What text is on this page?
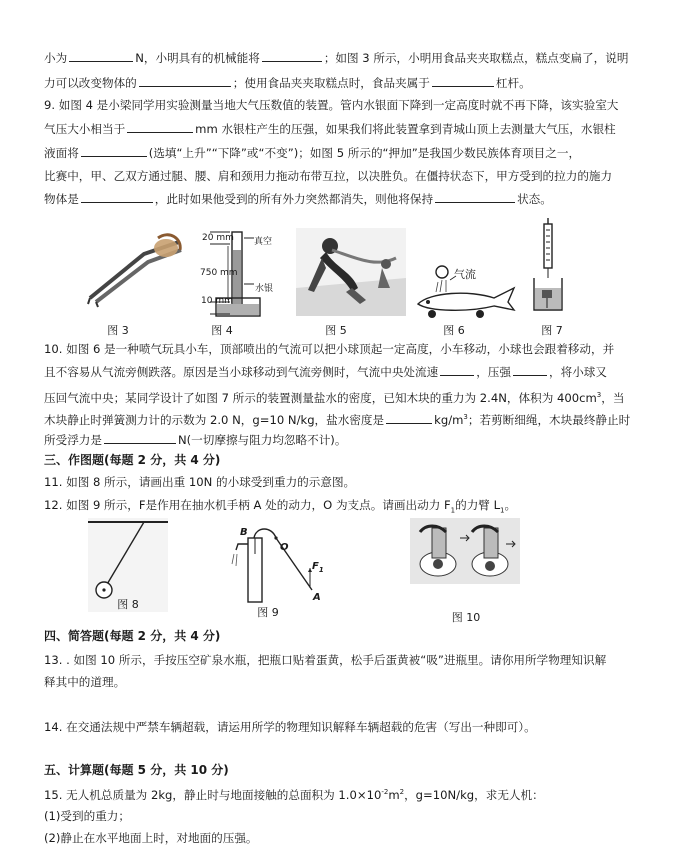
小为	N，小明具有的机械能将	；如图 3 所示，小明用食品夹夹取糕点，糕点变扁了，说明
力可以改变物体的	；使用食品夹夹取糕点时，食品夹属于	杠杆。
9. 如图 4 是小梁同学用实验测量当地大气压数值的装置。管内水银面下降到一定高度时就不再下降，该实验室大
气压大小相当于	mm 水银柱产生的压强，如果我们将此装置拿到青城山顶上去测量大气压，水银柱
液面将	(选填“上升”“下降”或“不变”)；如图 5 所示的“押加”是我国少数民族体育项目之一，
比赛中，甲、乙双方通过腿、腰、肩和颈用力拖动布带互拉，以决胜负。在僵持状态下，甲方受到的拉力的施力
物体是	，此时如果他受到的所有外力突然都消失，则他将保持	状态。
图 3
20 mm 真空
750 mm
水银
10 mm
图 4	图 5
气流
图 6	图 7
10. 如图 6 是一种喷气玩具小车，顶部喷出的气流可以把小球顶起一定高度，小车移动，小球也会跟着移动，并
且不容易从气流旁侧跌落。原因是当小球移动到气流旁侧时，气流中央处流速	，压强	，将小球又
压回气流中央；某同学设计了如图 7 所示的装置测量盐水的密度，已知木块的重力为 2.4N，体积为 $400cm^3$，当
木块静止时弹簧测力计的示数为 2.0 N，g=10 N/kg，盐水密度是	$kg/m^3$；若剪断细绳，木块最终静止时
所受浮力是	N(一切摩擦与阻力均忽略不计)。
三、作图题(每题 2 分，共 4 分)
11. 如图 8 所示，请画出重 10N 的小球受到重力的示意图。
12. 如图 9 所示，F是作用在抽水机手柄 A 处的动力，O 为支点。请画出动力 $F_1$的力臂 $L_1$。
图 8
B
O
$F_1$
A
图 9	图 10
四、简答题(每题 2 分，共 4 分)
13. . 如图 10 所示，手按压空矿泉水瓶，把瓶口贴着蛋黄，松手后蛋黄被“吸”进瓶里。请你用所学物理知识解
释其中的道理。
14. 在交通法规中严禁车辆超载，请运用所学的物理知识解释车辆超载的危害（写出一种即可）。
五、计算题(每题 5 分，共 10 分)
15. 无人机总质量为 2kg，静止时与地面接触的总面积为 $1.0\times 10^{-2}m^2$，g=10N/kg，求无人机：
(1)受到的重力；
(2)静止在水平地面上时，对地面的压强。
